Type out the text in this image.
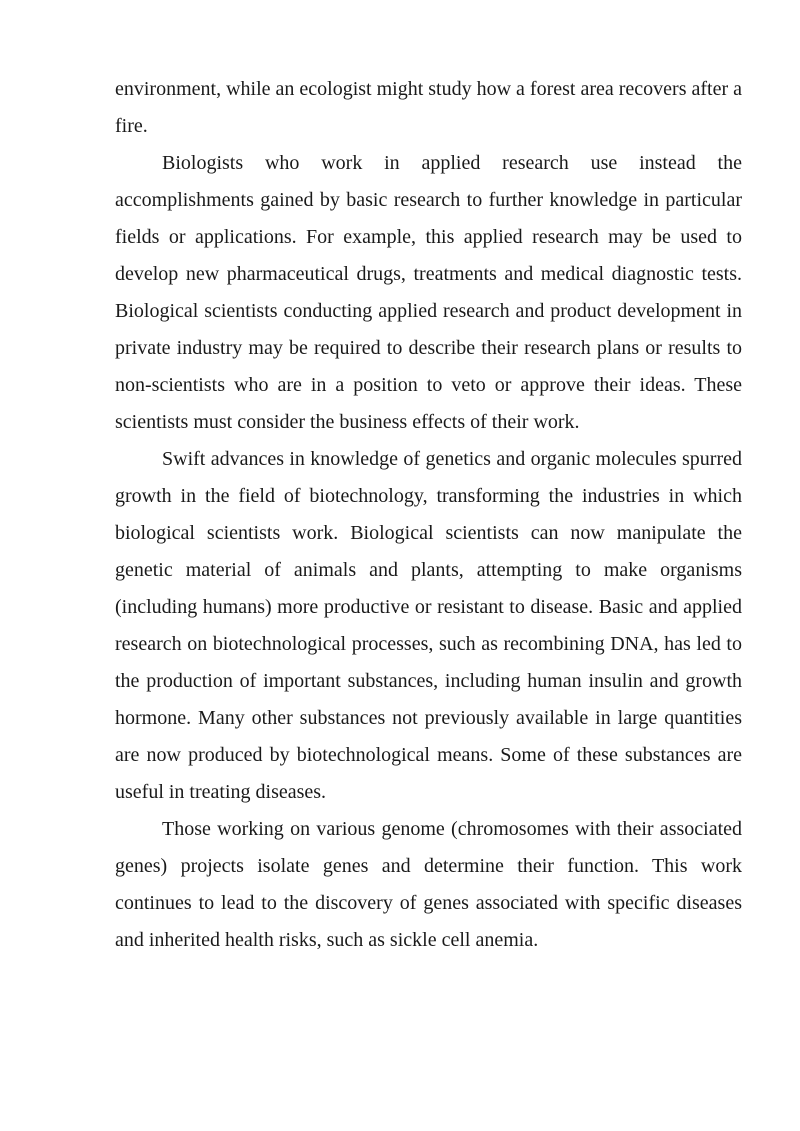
environment, while an ecologist might study how a forest area recovers after a fire.

Biologists who work in applied research use instead the accomplishments gained by basic research to further knowledge in particular fields or applications. For example, this applied research may be used to develop new pharmaceutical drugs, treatments and medical diagnostic tests. Biological scientists conducting applied research and product development in private industry may be required to describe their research plans or results to non-scientists who are in a position to veto or approve their ideas. These scientists must consider the business effects of their work.

Swift advances in knowledge of genetics and organic molecules spurred growth in the field of biotechnology, transforming the industries in which biological scientists work. Biological scientists can now manipulate the genetic material of animals and plants, attempting to make organisms (including humans) more productive or resistant to disease. Basic and applied research on biotechnological processes, such as recombining DNA, has led to the production of important substances, including human insulin and growth hormone. Many other substances not previously available in large quantities are now produced by biotechnological means. Some of these substances are useful in treating diseases.

Those working on various genome (chromosomes with their associated genes) projects isolate genes and determine their function. This work continues to lead to the discovery of genes associated with specific diseases and inherited health risks, such as sickle cell anemia.
